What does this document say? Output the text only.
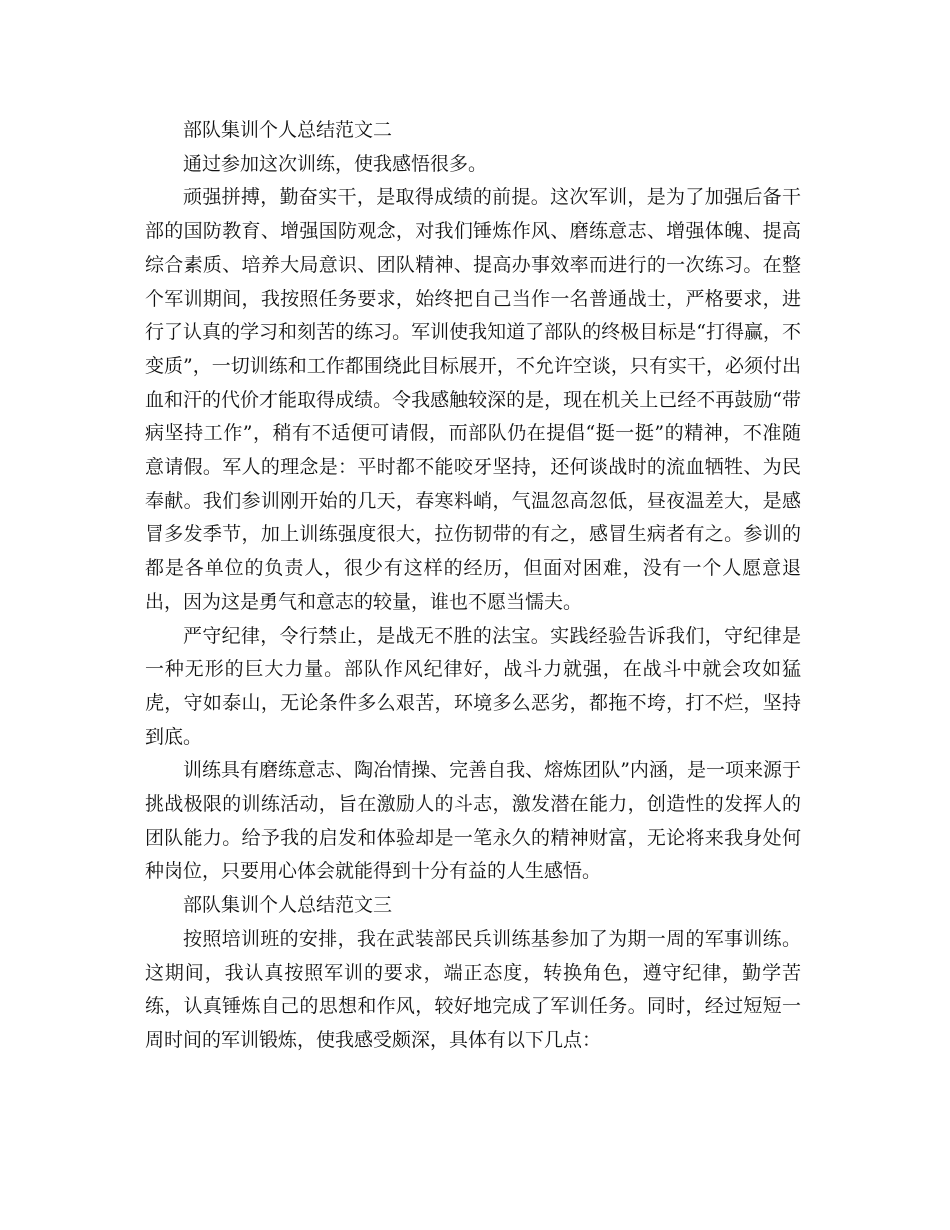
部队集训个人总结范文二

通过参加这次训练，使我感悟很多。

顽强拼搏，勤奋实干，是取得成绩的前提。这次军训，是为了加强后备干部的国防教育、增强国防观念，对我们锤炼作风、磨练意志、增强体魄、提高综合素质、培养大局意识、团队精神、提高办事效率而进行的一次练习。在整个军训期间，我按照任务要求，始终把自己当作一名普通战士，严格要求，进行了认真的学习和刻苦的练习。军训使我知道了部队的终极目标是“打得赢，不变质”，一切训练和工作都围绕此目标展开，不允许空谈，只有实干，必须付出血和汗的代价才能取得成绩。令我感触较深的是，现在机关上已经不再鼓励“带病坚持工作”，稍有不适便可请假，而部队仍在提倡“挺一挺”的精神，不准随意请假。军人的理念是：平时都不能咬牙坚持，还何谈战时的流血牺牲、为民奉献。我们参训刚开始的几天，春寒料峭，气温忽高忽低，昼夜温差大，是感冒多发季节，加上训练强度很大，拉伤韧带的有之，感冒生病者有之。参训的都是各单位的负责人，很少有这样的经历，但面对困难，没有一个人愿意退出，因为这是勇气和意志的较量，谁也不愿当懦夫。

严守纪律，令行禁止，是战无不胜的法宝。实践经验告诉我们，守纪律是一种无形的巨大力量。部队作风纪律好，战斗力就强，在战斗中就会攻如猛虎，守如泰山，无论条件多么艰苦，环境多么恶劣，都拖不垮，打不烂，坚持到底。

训练具有磨练意志、陶冶情操、完善自我、熔炼团队”内涵，是一项来源于挑战极限的训练活动，旨在激励人的斗志，激发潜在能力，创造性的发挥人的团队能力。给予我的启发和体验却是一笔永久的精神财富，无论将来我身处何种岗位，只要用心体会就能得到十分有益的人生感悟。

部队集训个人总结范文三

按照培训班的安排，我在武装部民兵训练基参加了为期一周的军事训练。这期间，我认真按照军训的要求，端正态度，转换角色，遵守纪律，勤学苦练，认真锤炼自己的思想和作风，较好地完成了军训任务。同时，经过短短一周时间的军训锻炼，使我感受颇深，具体有以下几点：
